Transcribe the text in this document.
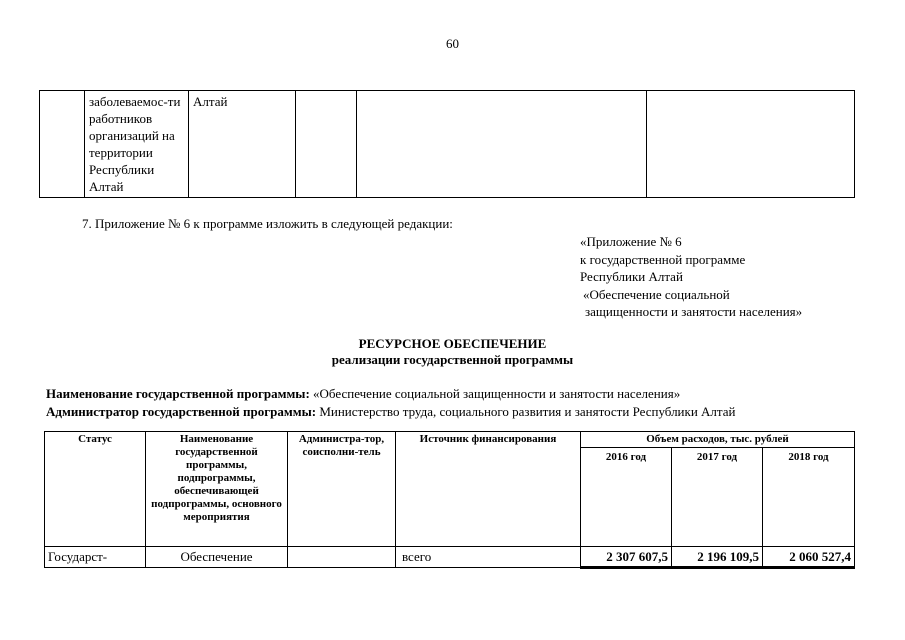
60
	заболеваемос-ти работников организаций на территории Республики Алтай	Алтай			
7. Приложение № 6 к программе изложить в следующей редакции:
«Приложение № 6
к государственной программе
Республики Алтай
«Обеспечение социальной
защищенности и занятости населения»
РЕСУРСНОЕ ОБЕСПЕЧЕНИЕ
реализации государственной программы
Наименование государственной программы: «Обеспечение социальной защищенности и занятости населения»
Администратор государственной программы: Министерство труда, социального развития и занятости Республики Алтай
Статус	Наименование государственной программы, подпрограммы, обеспечивающей подпрограммы, основного мероприятия	Администра-тор, соисполни-тель	Источник финансирования	Объем расходов, тыс. рублей		
				2016 год	2017 год	2018 год
Государст-	Обеспечение		всего	2 307 607,5	2 196 109,5	2 060 527,4
